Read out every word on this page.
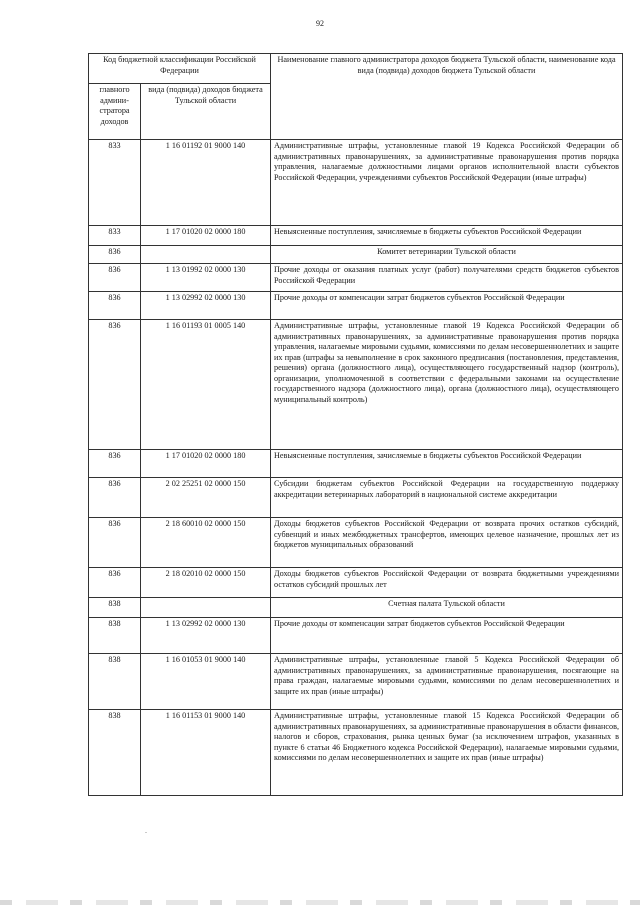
92
Код бюджетной классификации Российской Федерации		Наименование главного администратора доходов бюджета Тульской области, наименование кода вида (подвида) доходов бюджета Тульской области
главного админи-стратора доходов	вида (подвида) доходов бюджета Тульской области	
833	1 16 01192 01 9000 140	Административные штрафы, установленные главой 19 Кодекса Российской Федерации об административных правонарушениях, за административные правонарушения против порядка управления, налагаемые должностными лицами органов исполнительной власти субъектов Российской Федерации, учреждениями субъектов Российской Федерации (иные штрафы)
833	1 17 01020 02 0000 180	Невыясненные поступления, зачисляемые в бюджеты субъектов Российской Федерации
836		Комитет ветеринарии Тульской области
836	1 13 01992 02 0000 130	Прочие доходы от оказания платных услуг (работ) получателями средств бюджетов субъектов Российской Федерации
836	1 13 02992 02 0000 130	Прочие доходы от компенсации затрат бюджетов субъектов Российской Федерации
836	1 16 01193 01 0005 140	Административные штрафы, установленные главой 19 Кодекса Российской Федерации об административных правонарушениях, за административные правонарушения против порядка управления, налагаемые мировыми судьями, комиссиями по делам несовершеннолетних и защите их прав (штрафы за невыполнение в срок законного предписания (постановления, представления, решения) органа (должностного лица), осуществляющего государственный надзор (контроль), организации, уполномоченной в соответствии с федеральными законами на осуществление государственного надзора (должностного лица), органа (должностного лица), осуществляющего муниципальный контроль)
836	1 17 01020 02 0000 180	Невыясненные поступления, зачисляемые в бюджеты субъектов Российской Федерации
836	2 02 25251 02 0000 150	Субсидии бюджетам субъектов Российской Федерации на государственную поддержку аккредитации ветеринарных лабораторий в национальной системе аккредитации
836	2 18 60010 02 0000 150	Доходы бюджетов субъектов Российской Федерации от возврата прочих остатков субсидий, субвенций и иных межбюджетных трансфертов, имеющих целевое назначение, прошлых лет из бюджетов муниципальных образований
836	2 18 02010 02 0000 150	Доходы бюджетов субъектов Российской Федерации от возврата бюджетными учреждениями остатков субсидий прошлых лет
838		Счетная палата Тульской области
838	1 13 02992 02 0000 130	Прочие доходы от компенсации затрат бюджетов субъектов Российской Федерации
838	1 16 01053 01 9000 140	Административные штрафы, установленные главой 5 Кодекса Российской Федерации об административных правонарушениях, за административные правонарушения, посягающие на права граждан, налагаемые мировыми судьями, комиссиями по делам несовершеннолетних и защите их прав (иные штрафы)
838	1 16 01153 01 9000 140	Административные штрафы, установленные главой 15 Кодекса Российской Федерации об административных правонарушениях, за административные правонарушения в области финансов, налогов и сборов, страхования, рынка ценных бумаг (за исключением штрафов, указанных в пункте 6 статьи 46 Бюджетного кодекса Российской Федерации), налагаемые мировыми судьями, комиссиями по делам несовершеннолетних и защите их прав (иные штрафы)
.
